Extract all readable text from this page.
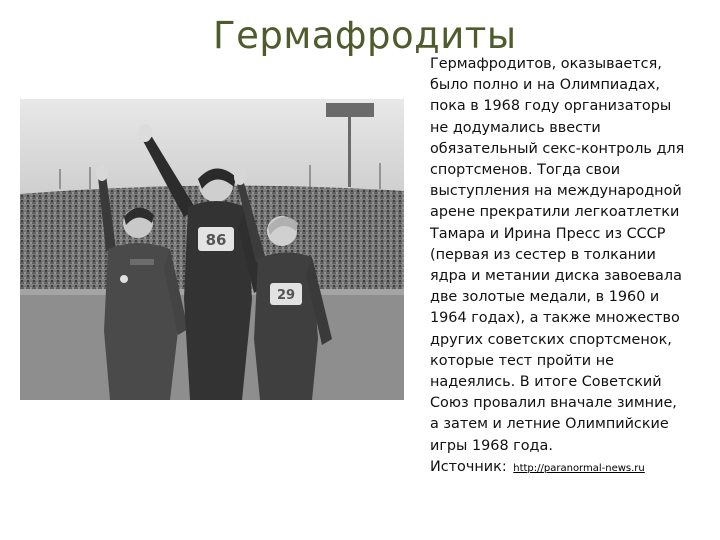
Гермафродиты
86
29
Гермафродитов, оказывается,
было полно и на Олимпиадах,
пока в 1968 году организаторы
не додумались ввести
обязательный секс-контроль для
спортсменов. Тогда свои
выступления на международной
арене прекратили легкоатлетки
Тамара и Ирина Пресс из СССР
(первая из сестер в толкании
ядра и метании диска завоевала
две золотые медали, в 1960 и
1964 годах), а также множество
других советских спортсменок,
которые тест пройти не
надеялись. В итоге Советский
Союз провалил вначале зимние,
а затем и летние Олимпийские
игры 1968 года.
Источник: http://paranormal-news.ru
